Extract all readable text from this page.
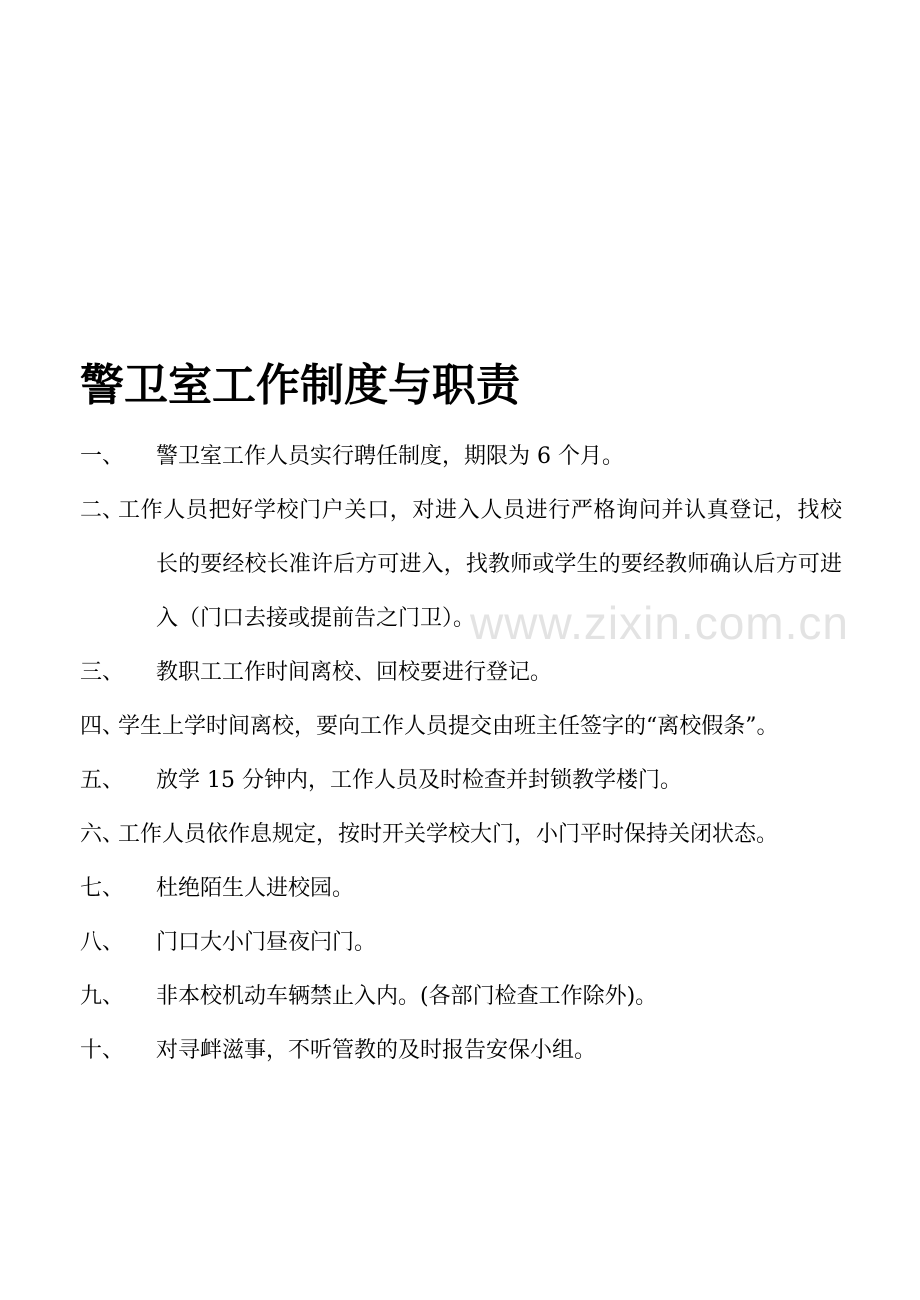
警卫室工作制度与职责
www.zixin.com.cn
一、	警卫室工作人员实行聘任制度，期限为 6 个月。
二、
工作人员把好学校门户关口，对进入人员进行严格询问并认真登记，找校长的要经校长准许后方可进入，找教师或学生的要经教师确认后方可进入（门口去接或提前告之门卫）。
三、	教职工工作时间离校、回校要进行登记。
四、
学生上学时间离校，要向工作人员提交由班主任签字的“离校假条”。
五、	放学 15 分钟内，工作人员及时检查并封锁教学楼门。
六、
工作人员依作息规定，按时开关学校大门，小门平时保持关闭状态。
七、	杜绝陌生人进校园。
八、	门口大小门昼夜闩门。
九、	非本校机动车辆禁止入内。(各部门检查工作除外)。
十、	对寻衅滋事，不听管教的及时报告安保小组。
